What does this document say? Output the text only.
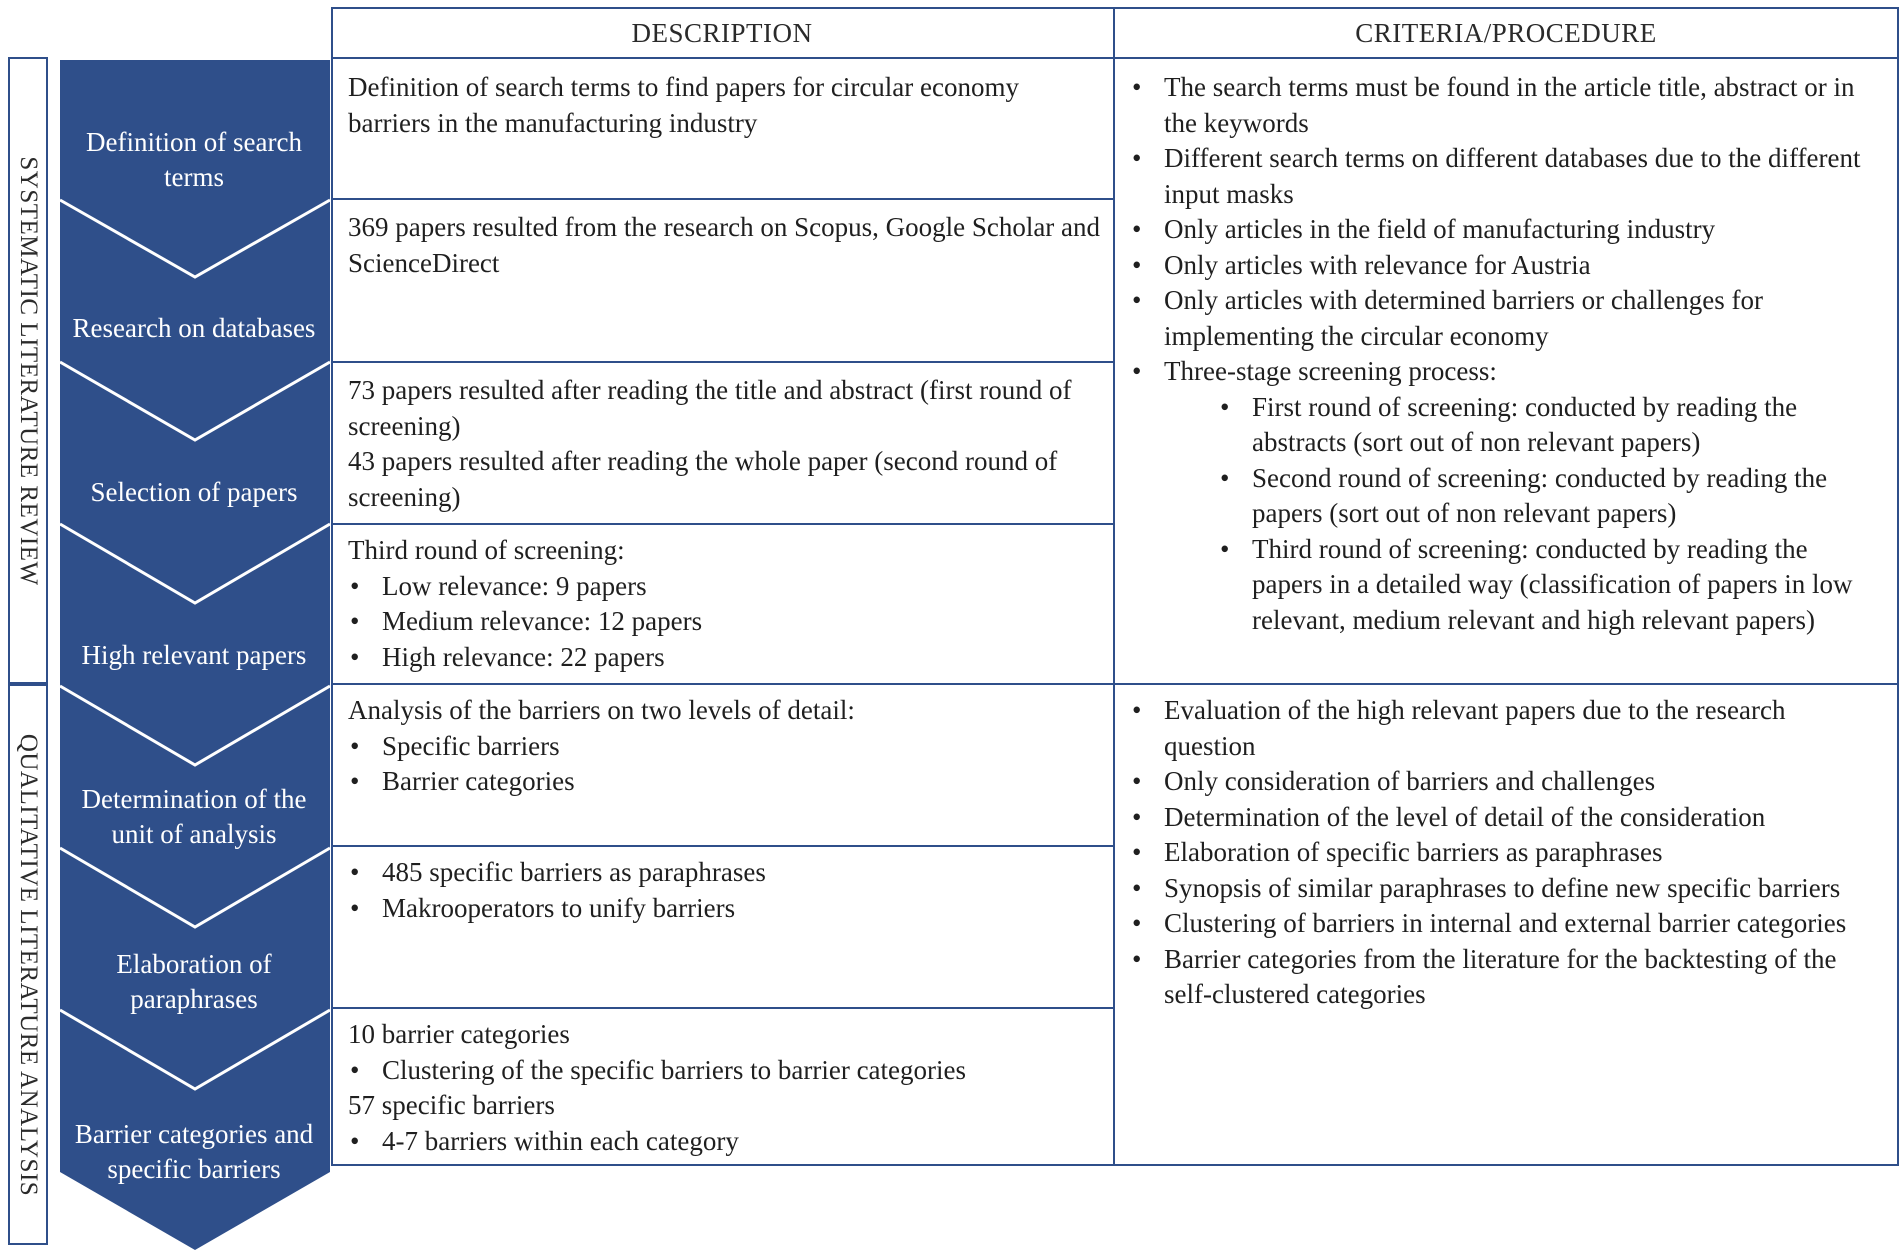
SYSTEMATIC LITERATURE REVIEW
QUALITATIVE LITERATURE ANALYSIS
Definition of search terms
Research on databases
Selection of papers
High relevant papers
Determination of the unit of analysis
Elaboration of paraphrases
Barrier categories and specific barriers
DESCRIPTION	CRITERIA/PROCEDURE

Definition of search terms to find papers for circular economy barriers in the manufacturing industry

369 papers resulted from the research on Scopus, Google Scholar and ScienceDirect

73 papers resulted after reading the title and abstract (first round of screening)

43 papers resulted after reading the whole paper (second round of screening)

Third round of screening:

• Low relevance: 9 papers
• Medium relevance: 12 papers
• High relevance: 22 papers

Analysis of the barriers on two levels of detail:

• Specific barriers
• Barrier categories
• 485 specific barriers as paraphrases
• Makrooperators to unify barriers

10 barrier categories

• Clustering of the specific barriers to barrier categories

57 specific barriers

• 4-7 barriers within each category
• The search terms must be found in the article title, abstract or in the keywords
• Different search terms on different databases due to the different input masks
• Only articles in the field of manufacturing industry
• Only articles with relevance for Austria
• Only articles with determined barriers or challenges for implementing the circular economy
• Three-stage screening process:
• First round of screening: conducted by reading the abstracts (sort out of non relevant papers)
• Second round of screening: conducted by reading the papers (sort out of non relevant papers)
• Third round of screening: conducted by reading the papers in a detailed way (classification of papers in low relevant, medium relevant and high relevant papers)
• Evaluation of the high relevant papers due to the research question
• Only consideration of barriers and challenges
• Determination of the level of detail of the consideration
• Elaboration of specific barriers as paraphrases
• Synopsis of similar paraphrases to define new specific barriers
• Clustering of barriers in internal and external barrier categories
• Barrier categories from the literature for the backtesting of the self-clustered categories
